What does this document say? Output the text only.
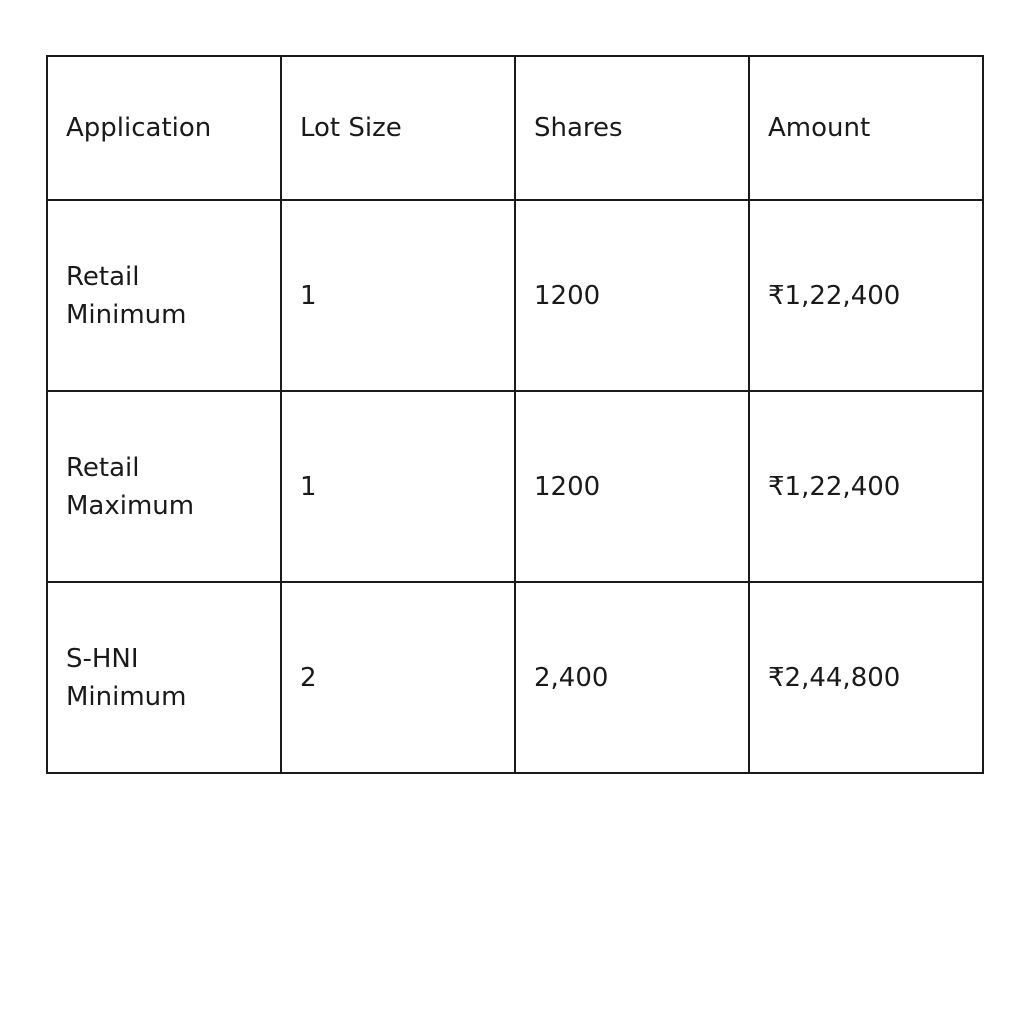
Application	Lot Size	Shares	Amount

Retail
Minimum	1	1200	₹1,22,400

Retail
Maximum	1	1200	₹1,22,400

S-HNI
Minimum	2	2,400	₹2,44,800
